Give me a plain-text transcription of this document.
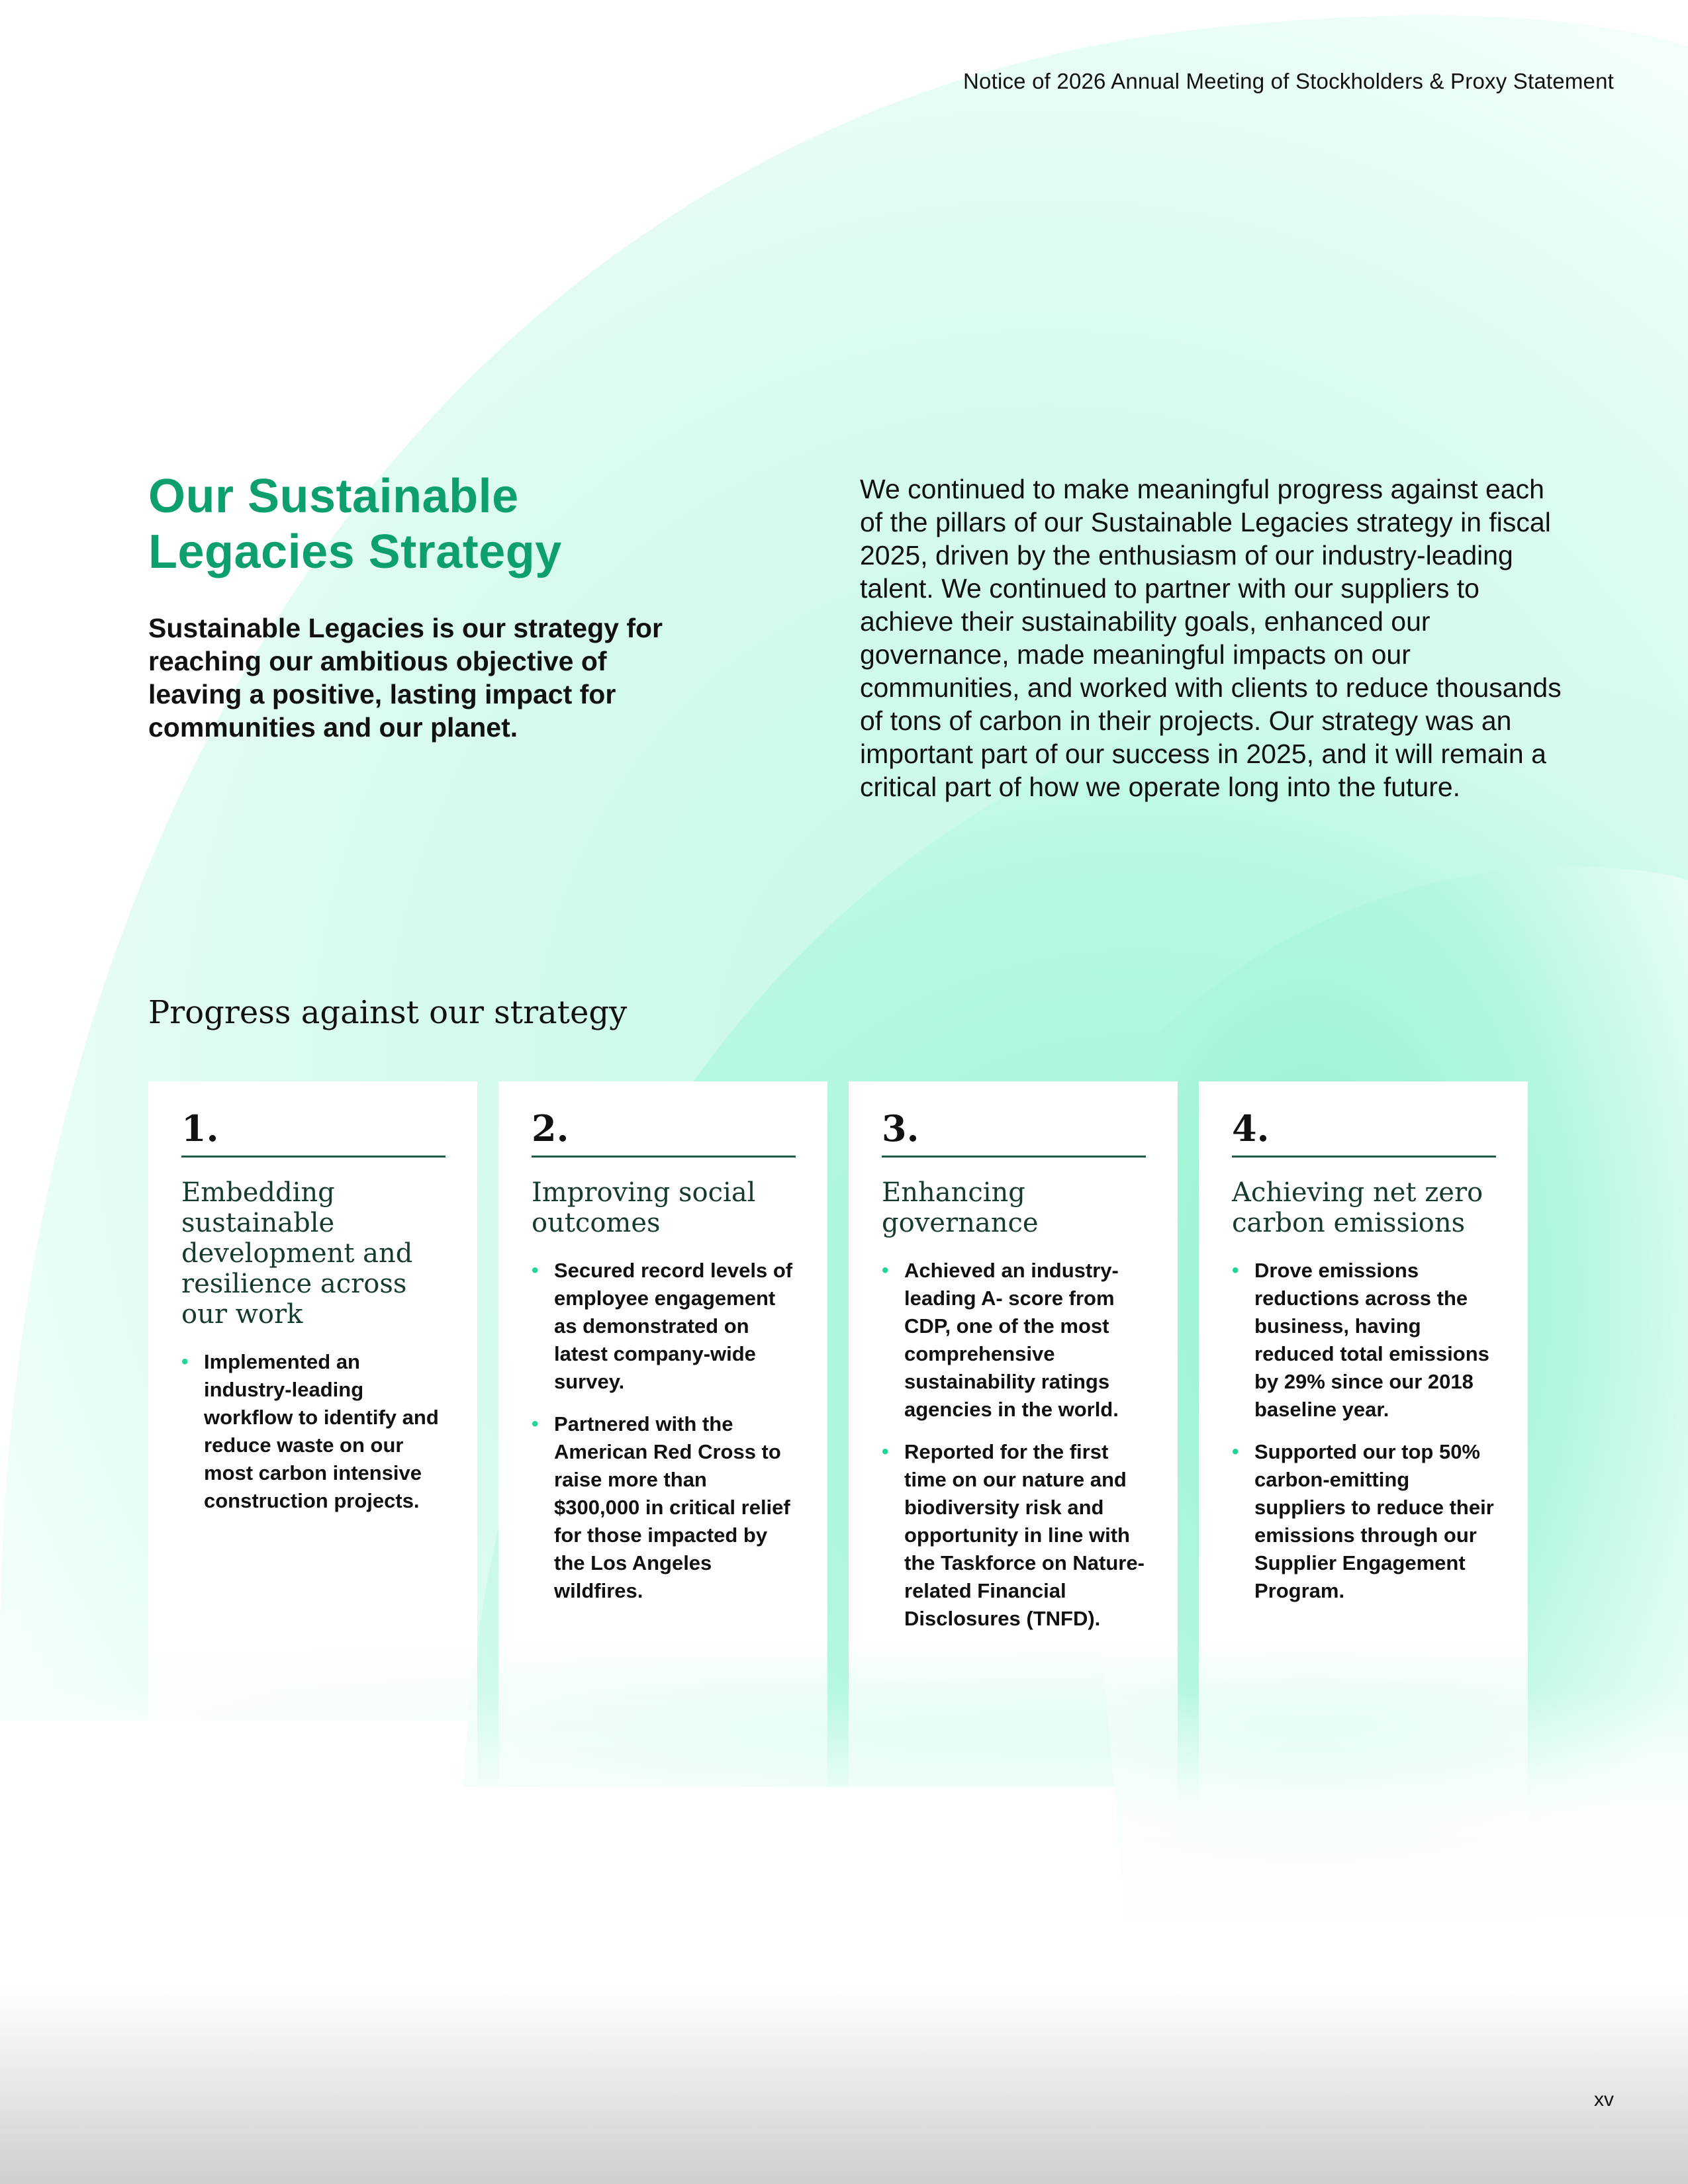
Notice of 2026 Annual Meeting of Stockholders & Proxy Statement
Our Sustainable
Legacies Strategy
Sustainable Legacies is our strategy for reaching our ambitious objective of leaving a positive, lasting impact for communities and our planet.
We continued to make meaningful progress against each of the pillars of our Sustainable Legacies strategy in fiscal 2025, driven by the enthusiasm of our industry-leading talent. We continued to partner with our suppliers to achieve their sustainability goals, enhanced our governance, made meaningful impacts on our communities, and worked with clients to reduce thousands of tons of carbon in their projects. Our strategy was an important part of our success in 2025, and it will remain a critical part of how we operate long into the future.
Progress against our strategy
1.
Embedding sustainable development and resilience across our work
• Implemented an industry-leading workflow to identify and reduce waste on our most carbon intensive construction projects.
2.
Improving social outcomes
• Secured record levels of employee engagement as demonstrated on latest company-wide survey.
• Partnered with the American Red Cross to raise more than $300,000 in critical relief for those impacted by the Los Angeles wildfires.
3.
Enhancing governance
• Achieved an industry-leading A- score from CDP, one of the most comprehensive sustainability ratings agencies in the world.
• Reported for the first time on our nature and biodiversity risk and opportunity in line with the Taskforce on Nature-related Financial Disclosures (TNFD).
4.
Achieving net zero carbon emissions
• Drove emissions reductions across the business, having reduced total emissions by 29% since our 2018 baseline year.
• Supported our top 50% carbon-emitting suppliers to reduce their emissions through our Supplier Engagement Program.
xv
